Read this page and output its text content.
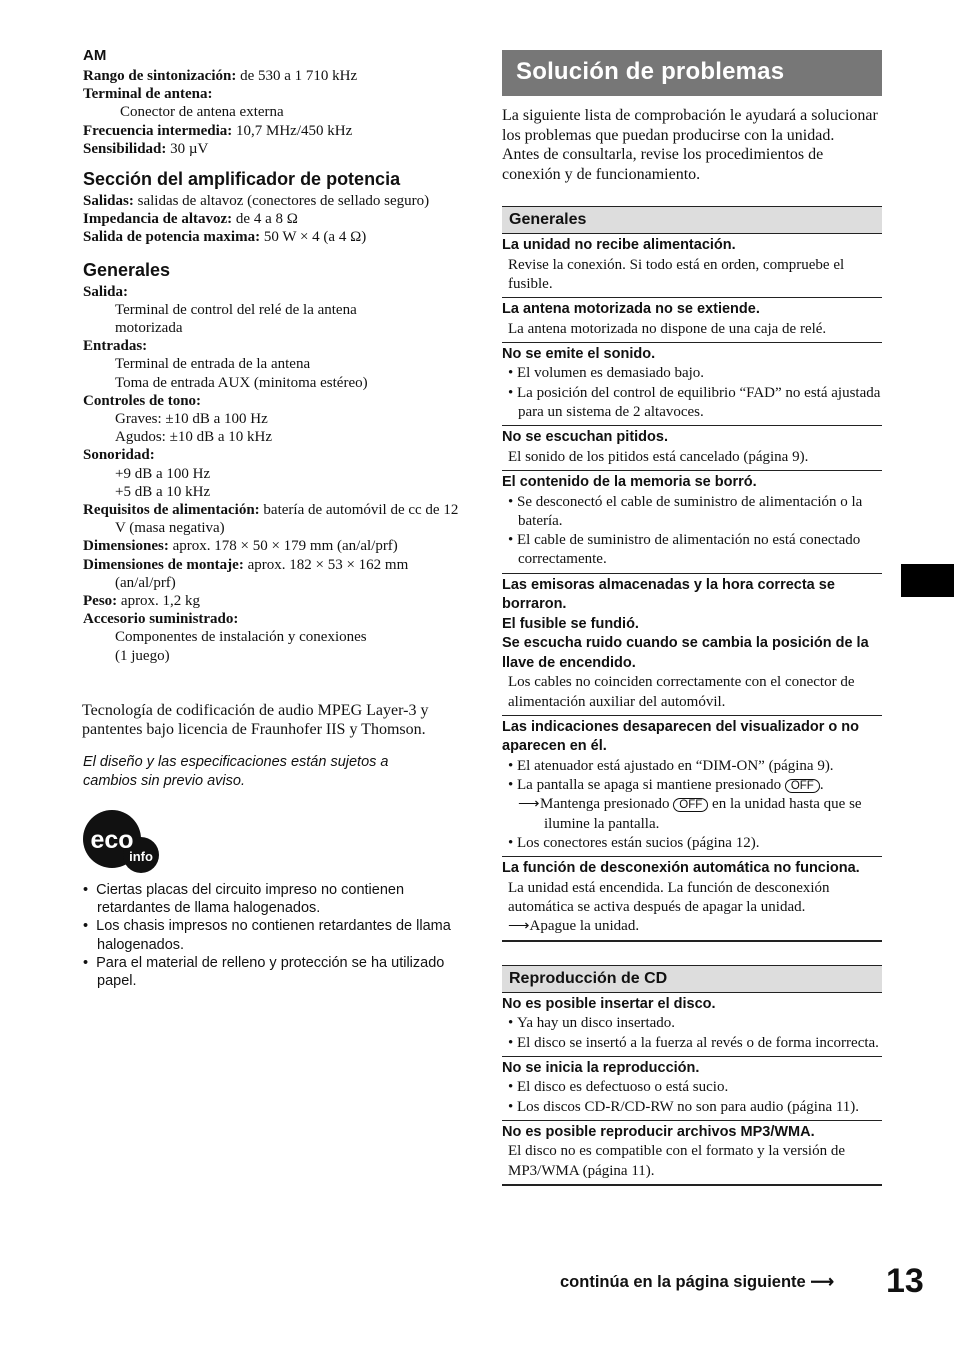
AM
Rango de sintonización: de 530 a 1 710 kHz
Terminal de antena:
Conector de antena externa
Frecuencia intermedia: 10,7 MHz/450 kHz
Sensibilidad: 30 µV
Sección del amplificador de potencia
Salidas: salidas de altavoz (conectores de sellado seguro)
Impedancia de altavoz: de 4 a 8 Ω
Salida de potencia maxima: 50 W × 4 (a 4 Ω)
Generales
Salida:
Terminal de control del relé de la antena
motorizada
Entradas:
Terminal de entrada de la antena
Toma de entrada AUX (minitoma estéreo)
Controles de tono:
Graves: ±10 dB a 100 Hz
Agudos: ±10 dB a 10 kHz
Sonoridad:
+9 dB a 100 Hz
+5 dB a 10 kHz
Requisitos de alimentación: batería de automóvil de cc de 12 V (masa negativa)
Dimensiones: aprox. 178 × 50 × 179 mm (an/al/prf)
Dimensiones de montaje: aprox. 182 × 53 × 162 mm (an/al/prf)
Peso: aprox. 1,2 kg
Accesorio suministrado:
Componentes de instalación y conexiones
(1 juego)
Tecnología de codificación de audio MPEG Layer-3 y pantentes bajo licencia de Fraunhofer IIS y Thomson.
El diseño y las especificaciones están sujetos a cambios sin previo aviso.
eco
info
•  Ciertas placas del circuito impreso no contienen retardantes de llama halogenados.
•  Los chasis impresos no contienen retardantes de llama halogenados.
•  Para el material de relleno y protección se ha utilizado papel.
Solución de problemas
La siguiente lista de comprobación le ayudará a solucionar los problemas que puedan producirse con la unidad.
Antes de consultarla, revise los procedimientos de conexión y de funcionamiento.
Generales
La unidad no recibe alimentación.
Revise la conexión. Si todo está en orden, compruebe el fusible.
La antena motorizada no se extiende.
La antena motorizada no dispone de una caja de relé.
No se emite el sonido.
• El volumen es demasiado bajo.
• La posición del control de equilibrio “FAD” no está ajustada para un sistema de 2 altavoces.
No se escuchan pitidos.
El sonido de los pitidos está cancelado (página 9).
El contenido de la memoria se borró.
• Se desconectó el cable de suministro de alimentación o la batería.
• El cable de suministro de alimentación no está conectado correctamente.
Las emisoras almacenadas y la hora correcta se borraron.
El fusible se fundió.
Se escucha ruido cuando se cambia la posición de la llave de encendido.
Los cables no coinciden correctamente con el conector de alimentación auxiliar del automóvil.
Las indicaciones desaparecen del visualizador o no aparecen en él.
• El atenuador está ajustado en “DIM-ON” (página 9).
• La pantalla se apaga si mantiene presionado OFF .
⟶Mantenga presionado OFF en la unidad hasta que se ilumine la pantalla.
• Los conectores están sucios (página 12).
La función de desconexión automática no funciona.
La unidad está encendida. La función de desconexión automática se activa después de apagar la unidad.
⟶Apague la unidad.
Reproducción de CD
No es posible insertar el disco.
• Ya hay un disco insertado.
• El disco se insertó a la fuerza al revés o de forma incorrecta.
No se inicia la reproducción.
• El disco es defectuoso o está sucio.
• Los discos CD-R/CD-RW no son para audio (página 11).
No es posible reproducir archivos MP3/WMA.
El disco no es compatible con el formato y la versión de MP3/WMA (página 11).
continúa en la página siguiente ⟶ 13
